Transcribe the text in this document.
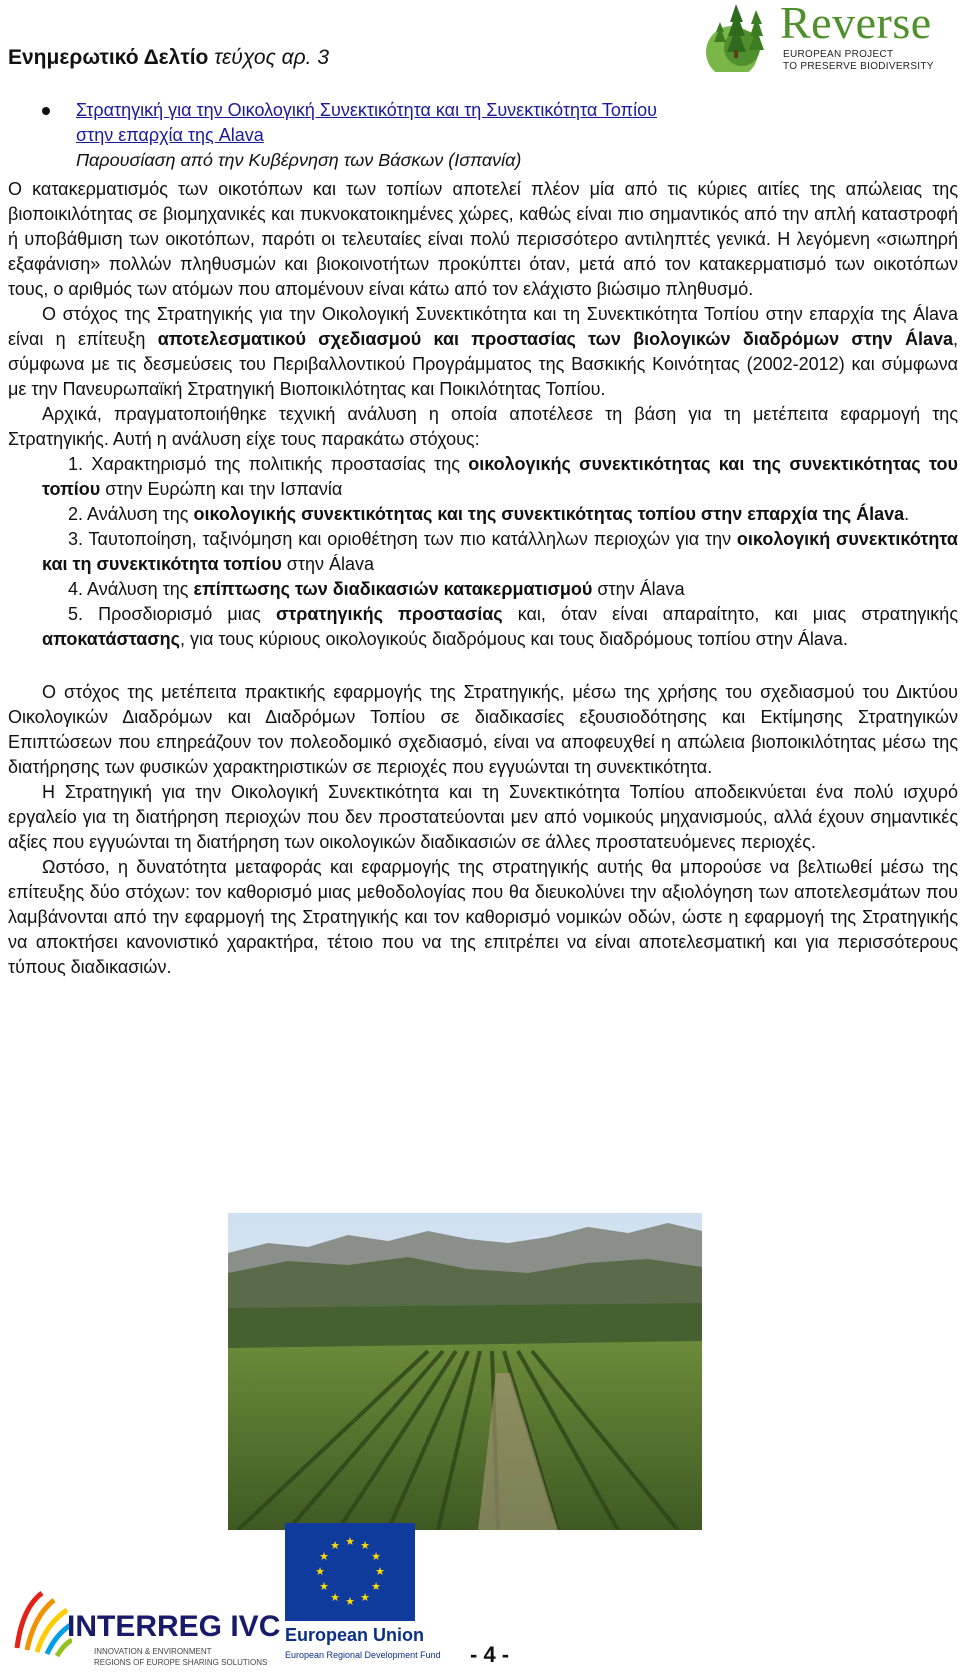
Ενημερωτικό Δελτίο τεύχος αρ. 3
Reverse
EUROPEAN PROJECT
TO PRESERVE BIODIVERSITY
Στρατηγική για την Οικολογική Συνεκτικότητα και τη Συνεκτικότητα Τοπίου
στην επαρχία της Alava
Παρουσίαση από την Κυβέρνηση των Βάσκων (Ισπανία)

Ο κατακερματισμός των οικοτόπων και των τοπίων αποτελεί πλέον μία από τις κύριες αιτίες της απώλειας της βιοποικιλότητας σε βιομηχανικές και πυκνοκατοικημένες χώρες, καθώς είναι πιο σημαντικός από την απλή καταστροφή ή υποβάθμιση των οικοτόπων, παρότι οι τελευταίες είναι πολύ περισσότερο αντιληπτές γενικά. Η λεγόμενη «σιωπηρή εξαφάνιση» πολλών πληθυσμών και βιοκοινοτήτων προκύπτει όταν, μετά από τον κατακερματισμό των οικοτόπων τους, ο αριθμός των ατόμων που απομένουν είναι κάτω από τον ελάχιστο βιώσιμο πληθυσμό.

Ο στόχος της Στρατηγικής για την Οικολογική Συνεκτικότητα και τη Συνεκτικότητα Τοπίου στην επαρχία της Álava είναι η επίτευξη αποτελεσματικού σχεδιασμού και προστασίας των βιολογικών διαδρόμων στην Álava, σύμφωνα με τις δεσμεύσεις του Περιβαλλοντικού Προγράμματος της Βασκικής Κοινότητας (2002-2012) και σύμφωνα με την Πανευρωπαϊκή Στρατηγική Βιοποικιλότητας και Ποικιλότητας Τοπίου.

Αρχικά, πραγματοποιήθηκε τεχνική ανάλυση η οποία αποτέλεσε τη βάση για τη μετέπειτα εφαρμογή της Στρατηγικής. Αυτή η ανάλυση είχε τους παρακάτω στόχους:

1. Χαρακτηρισμό της πολιτικής προστασίας της οικολογικής συνεκτικότητας και της συνεκτικότητας του τοπίου στην Ευρώπη και την Ισπανία
2. Ανάλυση της οικολογικής συνεκτικότητας και της συνεκτικότητας τοπίου στην επαρχία της Álava.
3. Ταυτοποίηση, ταξινόμηση και οριοθέτηση των πιο κατάλληλων περιοχών για την οικολογική συνεκτικότητα και τη συνεκτικότητα τοπίου στην Álava
4. Ανάλυση της επίπτωσης των διαδικασιών κατακερματισμού στην Álava
5. Προσδιορισμό μιας στρατηγικής προστασίας και, όταν είναι απαραίτητο, και μιας στρατηγικής αποκατάστασης, για τους κύριους οικολογικούς διαδρόμους και τους διαδρόμους τοπίου στην Álava.

Ο στόχος της μετέπειτα πρακτικής εφαρμογής της Στρατηγικής, μέσω της χρήσης του σχεδιασμού του Δικτύου Οικολογικών Διαδρόμων και Διαδρόμων Τοπίου σε διαδικασίες εξουσιοδότησης και Εκτίμησης Στρατηγικών Επιπτώσεων που επηρεάζουν τον πολεοδομικό σχεδιασμό, είναι να αποφευχθεί η απώλεια βιοποικιλότητας μέσω της διατήρησης των φυσικών χαρακτηριστικών σε περιοχές που εγγυώνται τη συνεκτικότητα.

Η Στρατηγική για την Οικολογική Συνεκτικότητα και τη Συνεκτικότητα Τοπίου αποδεικνύεται ένα πολύ ισχυρό εργαλείο για τη διατήρηση περιοχών που δεν προστατεύονται μεν από νομικούς μηχανισμούς, αλλά έχουν σημαντικές αξίες που εγγυώνται τη διατήρηση των οικολογικών διαδικασιών σε άλλες προστατευόμενες περιοχές.

Ωστόσο, η δυνατότητα μεταφοράς και εφαρμογής της στρατηγικής αυτής θα μπορούσε να βελτιωθεί μέσω της επίτευξης δύο στόχων: τον καθορισμό μιας μεθοδολογίας που θα διευκολύνει την αξιολόγηση των αποτελεσμάτων που λαμβάνονται από την εφαρμογή της Στρατηγικής και τον καθορισμό νομικών οδών, ώστε η εφαρμογή της Στρατηγικής να αποκτήσει κανονιστικό χαρακτήρα, τέτοιο που να της επιτρέπει να είναι αποτελεσματική και για περισσότερους τύπους διαδικασιών.

INTERREG IVC
INNOVATION & ENVIRONMENT
REGIONS OF EUROPE SHARING SOLUTIONS
★ ★
★
★
★
★
★
★
★
★
★
★
European Union
European Regional Development Fund - 4 -
